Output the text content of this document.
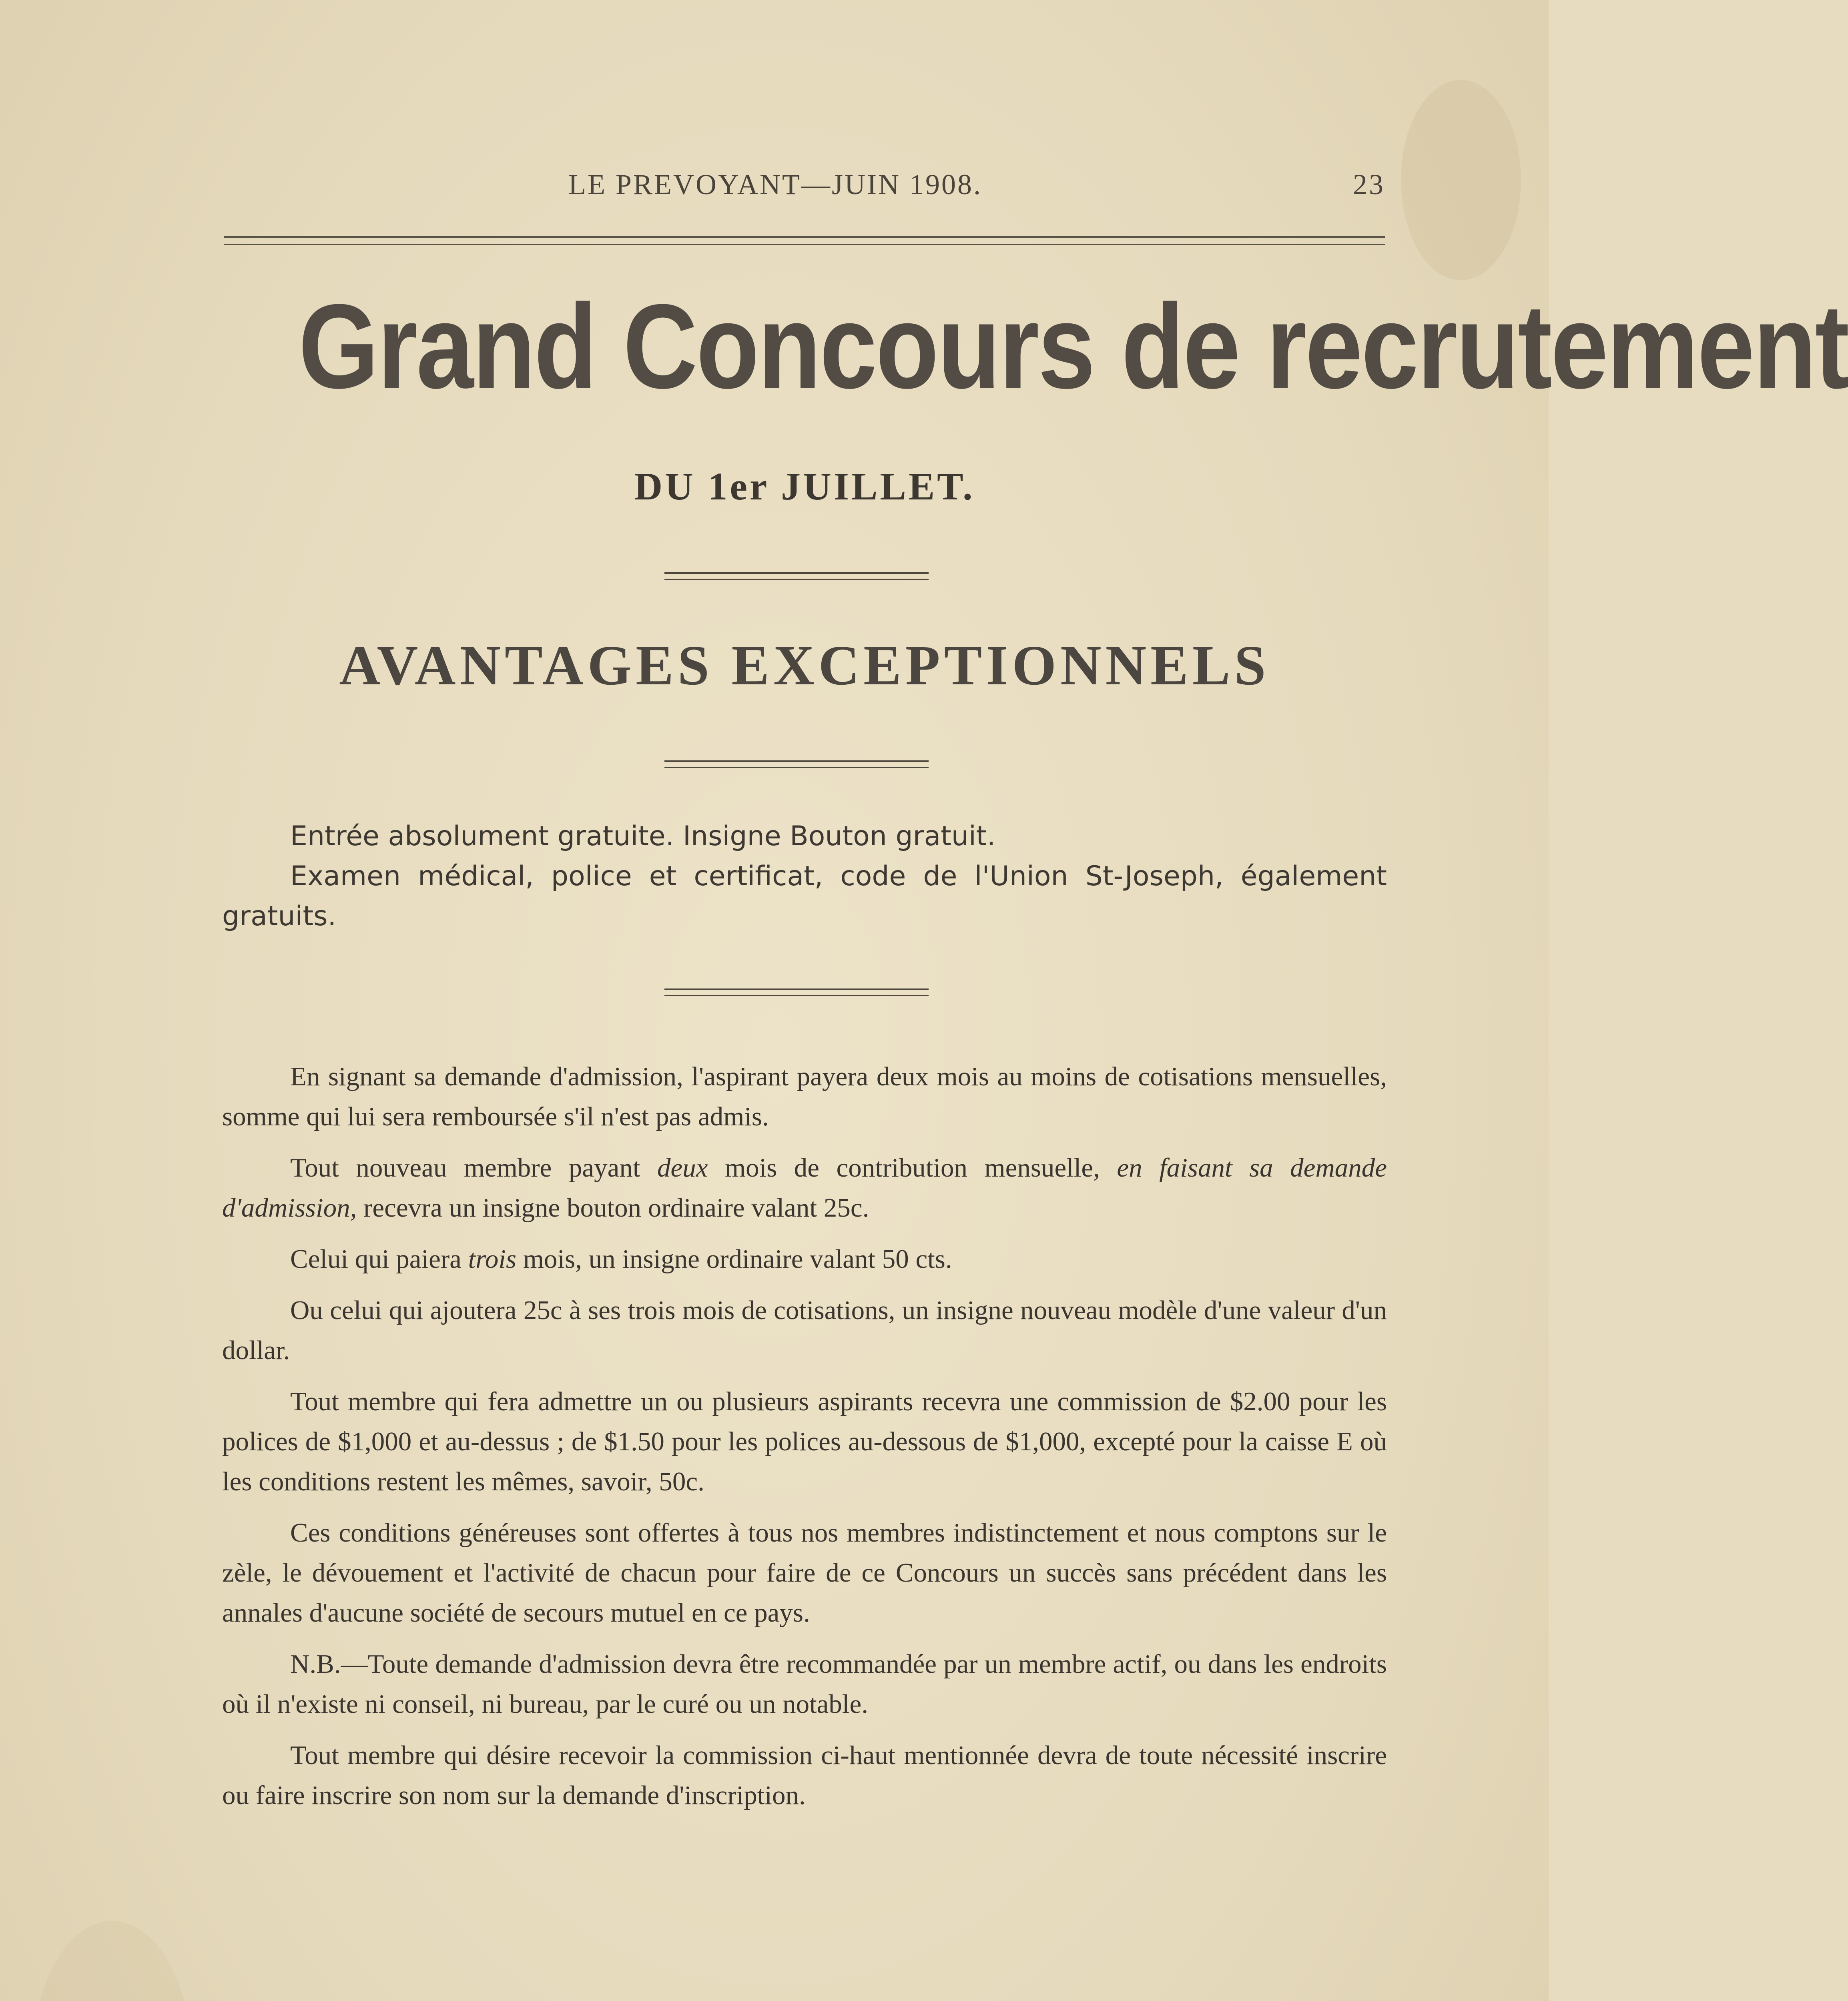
LE PREVOYANT—JUIN 1908.	23
Grand Concours de recrutement
DU 1er JUILLET.
AVANTAGES EXCEPTIONNELS

Entrée absolument gratuite. Insigne Bouton gratuit.

Examen médical, police et certificat, code de l'Union St-Joseph, également gratuits.

En signant sa demande d'admission, l'aspirant payera deux mois au moins de cotisations mensuelles, somme qui lui sera remboursée s'il n'est pas admis.

Tout nouveau membre payant deux mois de contribution mensuelle, en faisant sa demande d'admission, recevra un insigne bouton ordinaire valant 25c.

Celui qui paiera trois mois, un insigne ordinaire valant 50 cts.

Ou celui qui ajoutera 25c à ses trois mois de cotisations, un insigne nouveau modèle d'une valeur d'un dollar.

Tout membre qui fera admettre un ou plusieurs aspirants recevra une commission de $2.00 pour les polices de $1,000 et au-dessus ; de $1.50 pour les polices au-dessous de $1,000, excepté pour la caisse E où les conditions restent les mêmes, savoir, 50c.

Ces conditions généreuses sont offertes à tous nos membres indistinctement et nous comptons sur le zèle, le dévouement et l'activité de chacun pour faire de ce Concours un succès sans précédent dans les annales d'aucune société de secours mutuel en ce pays.

N.B.—Toute demande d'admission devra être recommandée par un membre actif, ou dans les endroits où il n'existe ni conseil, ni bureau, par le curé ou un notable.

Tout membre qui désire recevoir la commission ci-haut mentionnée devra de toute nécessité inscrire ou faire inscrire son nom sur la demande d'inscription.
